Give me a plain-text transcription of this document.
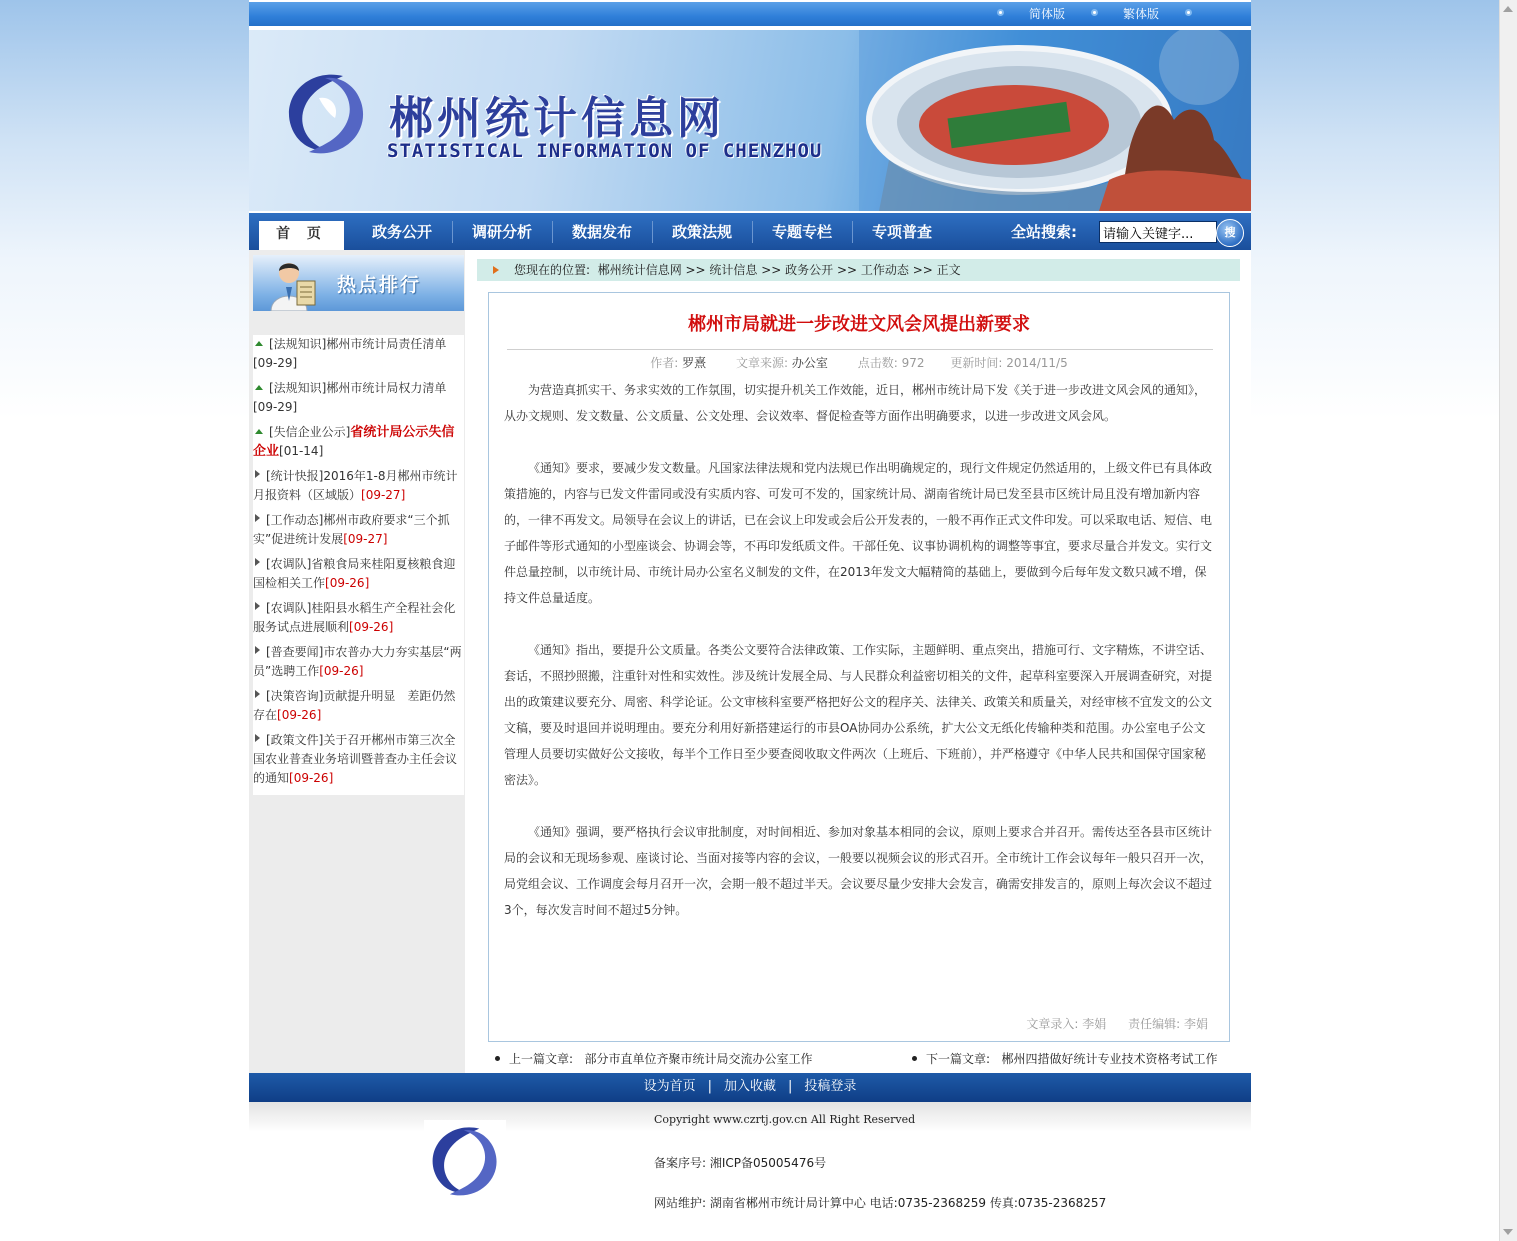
简体版	繁体版
郴州统计信息网
STATISTICAL INFORMATION OF CHENZHOU
首 页	政务公开	调研分析	数据发布	政策法规	专题专栏	专项普查	全站搜索:
请输入关键字...	搜
热点排行
[法规知识]郴州市统计局责任清单[09-29]
[法规知识]郴州市统计局权力清单[09-29]
[失信企业公示]省统计局公示失信企业[01-14]
[统计快报]2016年1-8月郴州市统计月报资料（区域版）[09-27]
[工作动态]郴州市政府要求“三个抓实”促进统计发展[09-27]
[农调队]省粮食局来桂阳夏核粮食迎国检相关工作[09-26]
[农调队]桂阳县水稻生产全程社会化服务试点进展顺利[09-26]
[普查要闻]市农普办大力夯实基层“两员”选聘工作[09-26]
[决策咨询]贡献提升明显　差距仍然存在[09-26]
[政策文件]关于召开郴州市第三次全国农业普查业务培训暨普查办主任会议的通知[09-26]
您现在的位置: 郴州统计信息网 >> 统计信息 >> 政务公开 >> 工作动态 >> 正文
郴州市局就进一步改进文风会风提出新要求
作者: 罗熹 文章来源: 办公室 点击数: 972 更新时间: 2014/11/5

为营造真抓实干、务求实效的工作氛围，切实提升机关工作效能，近日，郴州市统计局下发《关于进一步改进文风会风的通知》，从办文规则、发文数量、公文质量、公文处理、会议效率、督促检查等方面作出明确要求，以进一步改进文风会风。

《通知》要求，要减少发文数量。凡国家法律法规和党内法规已作出明确规定的，现行文件规定仍然适用的，上级文件已有具体政策措施的，内容与已发文件雷同或没有实质内容、可发可不发的，国家统计局、湖南省统计局已发至县市区统计局且没有增加新内容的，一律不再发文。局领导在会议上的讲话，已在会议上印发或会后公开发表的，一般不再作正式文件印发。可以采取电话、短信、电子邮件等形式通知的小型座谈会、协调会等，不再印发纸质文件。干部任免、议事协调机构的调整等事宜，要求尽量合并发文。实行文件总量控制，以市统计局、市统计局办公室名义制发的文件，在2013年发文大幅精简的基础上，要做到今后每年发文数只减不增，保持文件总量适度。

《通知》指出，要提升公文质量。各类公文要符合法律政策、工作实际，主题鲜明、重点突出，措施可行、文字精炼，不讲空话、套话，不照抄照搬，注重针对性和实效性。涉及统计发展全局、与人民群众利益密切相关的文件，起草科室要深入开展调查研究，对提出的政策建议要充分、周密、科学论证。公文审核科室要严格把好公文的程序关、法律关、政策关和质量关，对经审核不宜发文的公文文稿，要及时退回并说明理由。要充分利用好新搭建运行的市县OA协同办公系统，扩大公文无纸化传输种类和范围。办公室电子公文管理人员要切实做好公文接收，每半个工作日至少要查阅收取文件两次（上班后、下班前），并严格遵守《中华人民共和国保守国家秘密法》。

《通知》强调，要严格执行会议审批制度，对时间相近、参加对象基本相同的会议，原则上要求合并召开。需传达至各县市区统计局的会议和无现场参观、座谈讨论、当面对接等内容的会议，一般要以视频会议的形式召开。全市统计工作会议每年一般只召开一次，局党组会议、工作调度会每月召开一次，会期一般不超过半天。会议要尽量少安排大会发言，确需安排发言的，原则上每次会议不超过3个，每次发言时间不超过5分钟。

文章录入: 李娟 责任编辑: 李娟
上一篇文章: 部分市直单位齐聚市统计局交流办公室工作	下一篇文章: 郴州四措做好统计专业技术资格考试工作
设为首页 | 加入收藏 | 投稿登录
Copyright www.czrtj.gov.cn All Right Reserved
备案序号: 湘ICP备05005476号
网站维护: 湖南省郴州市统计局计算中心 电话:0735-2368259 传真:0735-2368257
